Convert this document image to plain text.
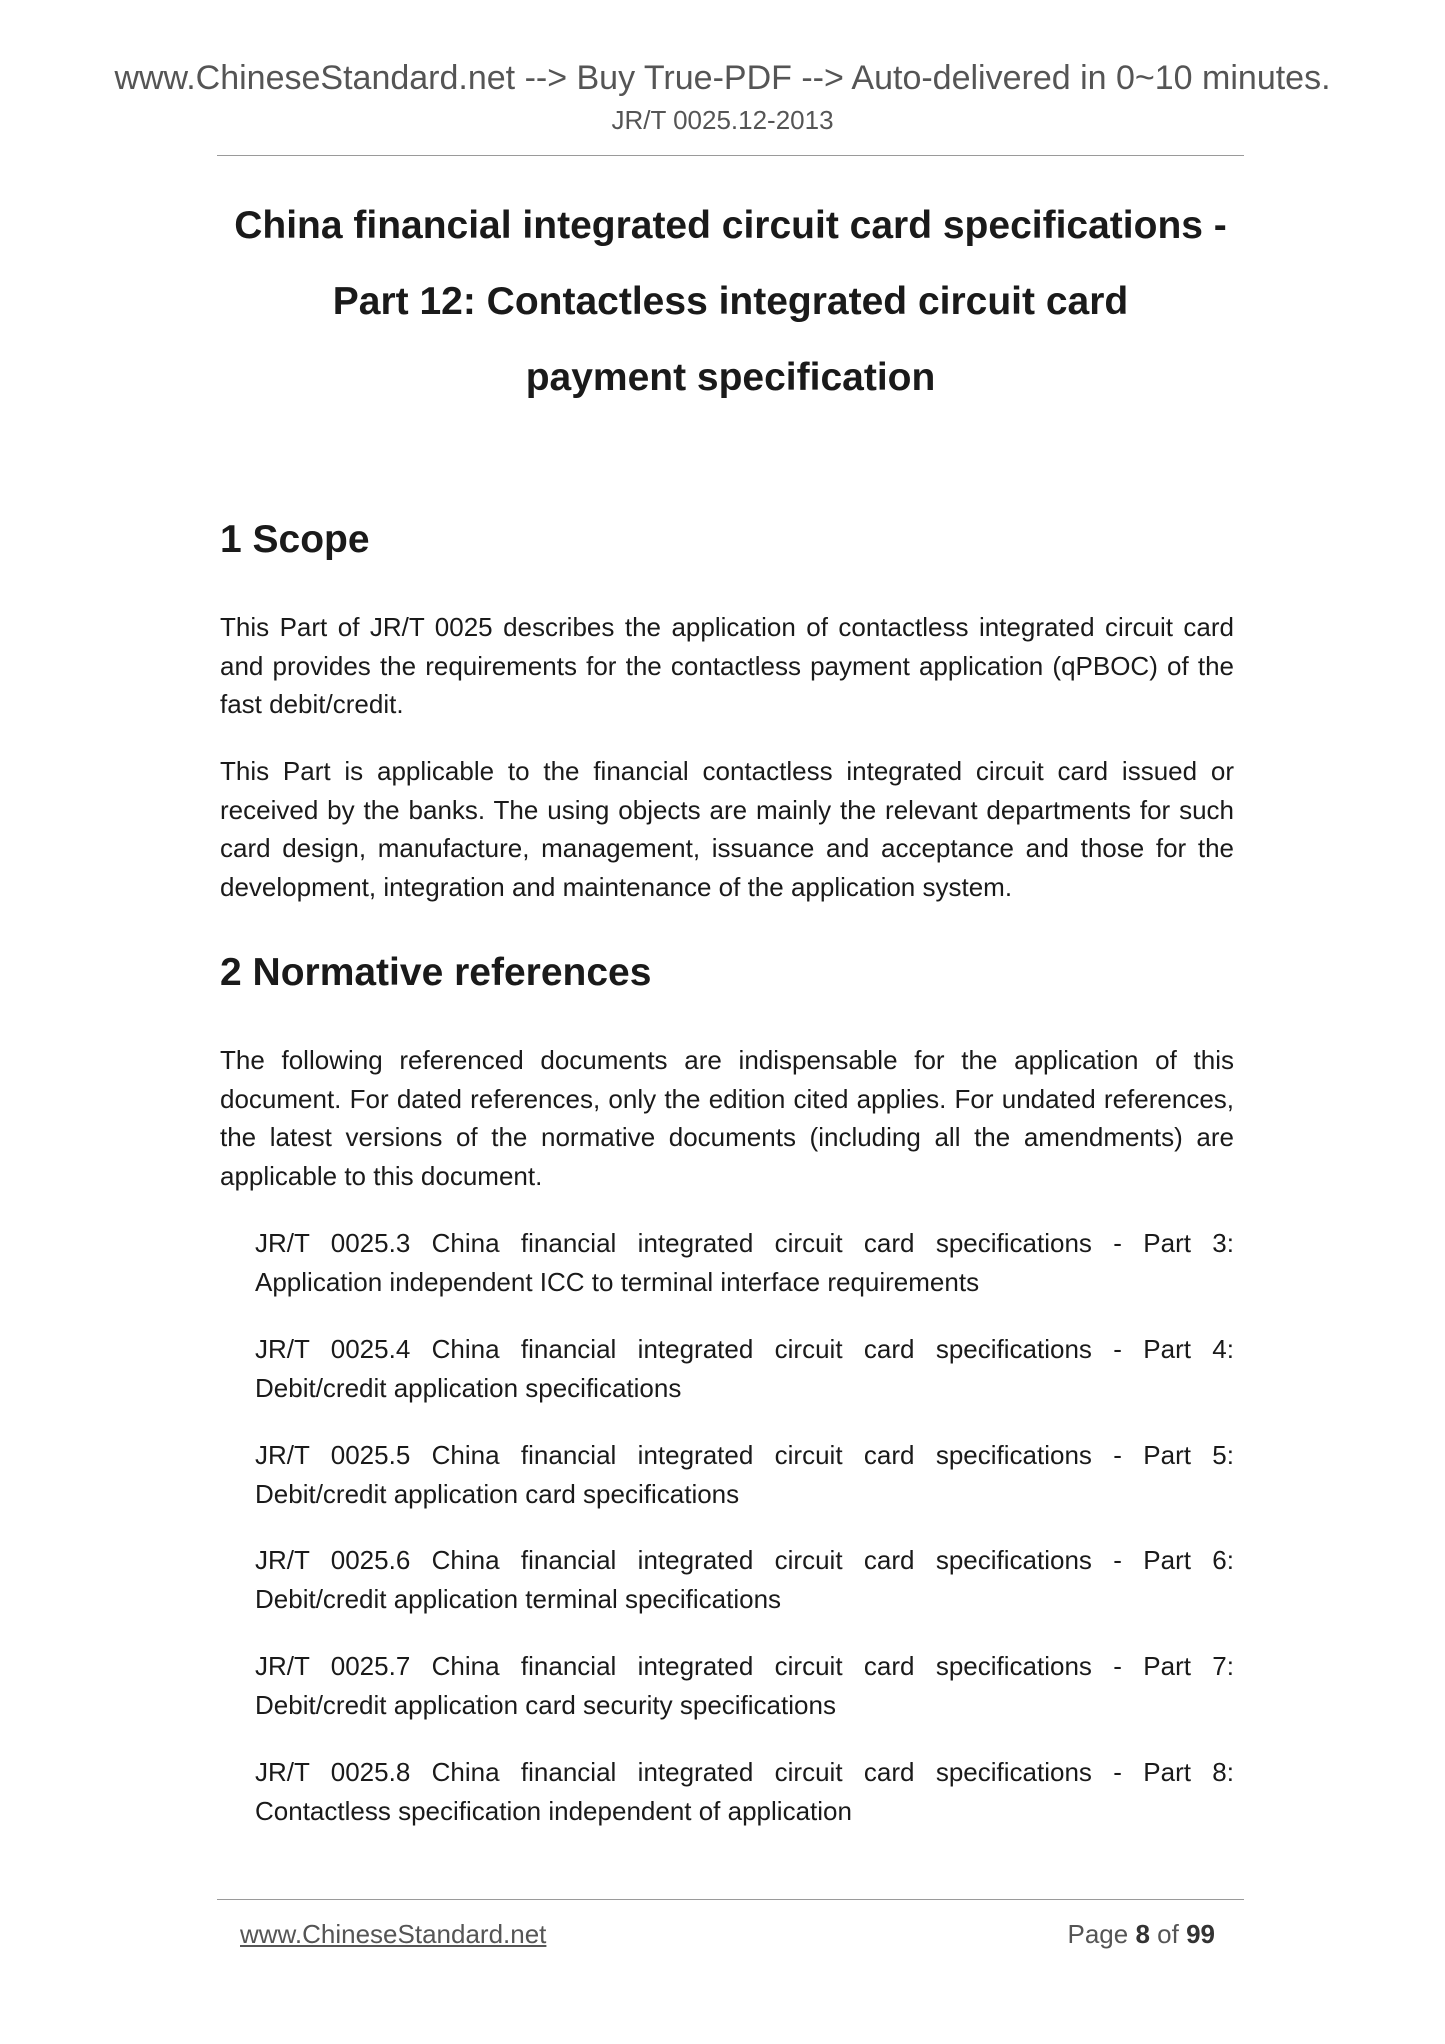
www.ChineseStandard.net --> Buy True-PDF --> Auto-delivered in 0~10 minutes.
JR/T 0025.12-2013
China financial integrated circuit card specifications -
Part 12: Contactless integrated circuit card
payment specification
1 Scope
This Part of JR/T 0025 describes the application of contactless integrated circuit card and provides the requirements for the contactless payment application (qPBOC) of the fast debit/credit.
This Part is applicable to the financial contactless integrated circuit card issued or received by the banks. The using objects are mainly the relevant departments for such card design, manufacture, management, issuance and acceptance and those for the development, integration and maintenance of the application system.
2 Normative references
The following referenced documents are indispensable for the application of this document. For dated references, only the edition cited applies. For undated references, the latest versions of the normative documents (including all the amendments) are applicable to this document.
JR/T 0025.3 China financial integrated circuit card specifications - Part 3:
Application independent ICC to terminal interface requirements
JR/T 0025.4 China financial integrated circuit card specifications - Part 4:
Debit/credit application specifications
JR/T 0025.5 China financial integrated circuit card specifications - Part 5:
Debit/credit application card specifications
JR/T 0025.6 China financial integrated circuit card specifications - Part 6:
Debit/credit application terminal specifications
JR/T 0025.7 China financial integrated circuit card specifications - Part 7:
Debit/credit application card security specifications
JR/T 0025.8 China financial integrated circuit card specifications - Part 8:
Contactless specification independent of application
www.ChineseStandard.net	Page 8 of 99
